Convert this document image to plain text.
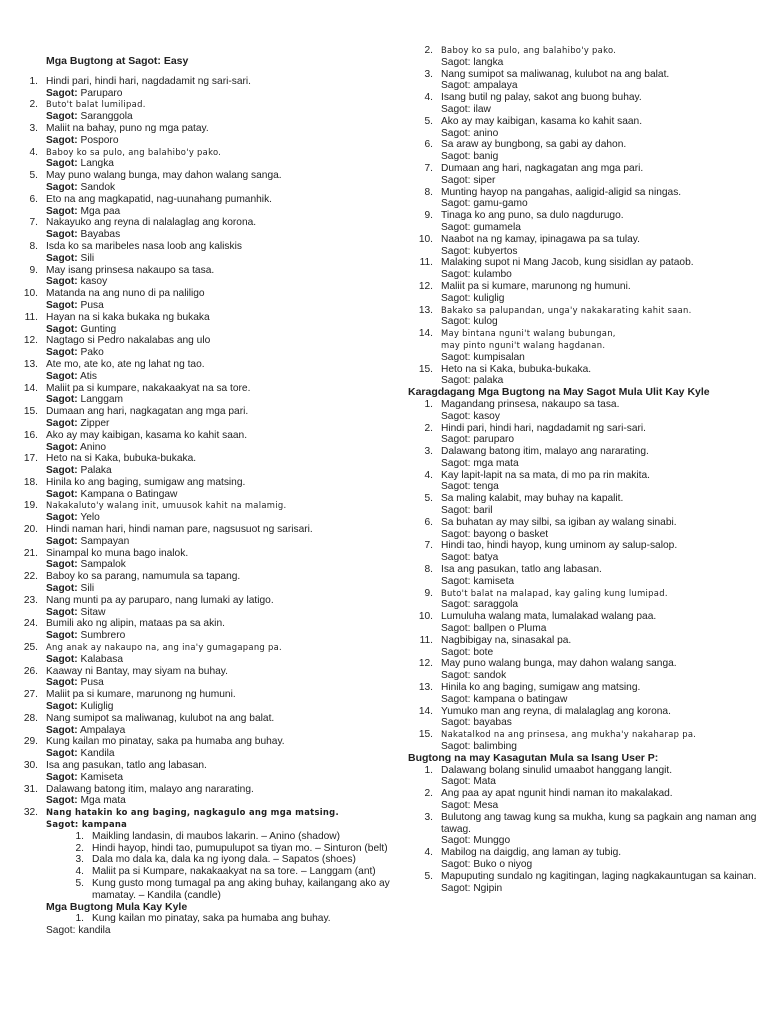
Mga Bugtong at Sagot: Easy
1. Hindi pari, hindi hari, nagdadamit ng sari-sari.
Sagot: Paruparo
2. Buto't balat lumilipad.
Sagot: Saranggola
3. Maliit na bahay, puno ng mga patay.
Sagot: Posporo
4. Baboy ko sa pulo, ang balahibo'y pako.
Sagot: Langka
5. May puno walang bunga, may dahon walang sanga.
Sagot: Sandok
6. Eto na ang magkapatid, nag-uunahang pumanhik.
Sagot: Mga paa
7. Nakayuko ang reyna di nalalaglag ang korona.
Sagot: Bayabas
8. Isda ko sa maribeles nasa loob ang kaliskis
Sagot: Sili
9. May isang prinsesa nakaupo sa tasa.
Sagot: kasoy
10. Matanda na ang nuno di pa naliligo
Sagot: Pusa
11. Hayan na si kaka bukaka ng bukaka
Sagot: Gunting
12. Nagtago si Pedro nakalabas ang ulo
Sagot: Pako
13. Ate mo, ate ko, ate ng lahat ng tao.
Sagot: Atis
14. Maliit pa si kumpare, nakakaakyat na sa tore.
Sagot: Langgam
15. Dumaan ang hari, nagkagatan ang mga pari.
Sagot: Zipper
16. Ako ay may kaibigan, kasama ko kahit saan.
Sagot: Anino
17. Heto na si Kaka, bubuka-bukaka.
Sagot: Palaka
18. Hinila ko ang baging, sumigaw ang matsing.
Sagot: Kampana o Batingaw
19. Nakakaluto'y walang init, umuusok kahit na malamig.
Sagot: Yelo
20. Hindi naman hari, hindi naman pare, nagsusuot ng sarisari.
Sagot: Sampayan
21. Sinampal ko muna bago inalok.
Sagot: Sampalok
22. Baboy ko sa parang, namumula sa tapang.
Sagot: Sili
23. Nang munti pa ay paruparo, nang lumaki ay latigo.
Sagot: Sitaw
24. Bumili ako ng alipin, mataas pa sa akin.
Sagot: Sumbrero
25. Ang anak ay nakaupo na, ang ina'y gumagapang pa.
Sagot: Kalabasa
26. Kaaway ni Bantay, may siyam na buhay.
Sagot: Pusa
27. Maliit pa si kumare, marunong ng humuni.
Sagot: Kuliglig
28. Nang sumipot sa maliwanag, kulubot na ang balat.
Sagot: Ampalaya
29. Kung kailan mo pinatay, saka pa humaba ang buhay.
Sagot: Kandila
30. Isa ang pasukan, tatlo ang labasan.
Sagot: Kamiseta
31. Dalawang batong itim, malayo ang nararating.
Sagot: Mga mata
32. Nang hatakin ko ang baging, nagkagulo ang mga matsing.
Sagot: kampana
1. Maikling landasin, di maubos lakarin. – Anino (shadow)
2. Hindi hayop, hindi tao, pumupulupot sa tiyan mo. – Sinturon (belt)
3. Dala mo dala ka, dala ka ng iyong dala. – Sapatos (shoes)
4. Maliit pa si Kumpare, nakakaakyat na sa tore. – Langgam (ant)
5. Kung gusto mong tumagal pa ang aking buhay, kailangang ako ay mamatay. – Kandila (candle)
Mga Bugtong Mula Kay Kyle
1. Kung kailan mo pinatay, saka pa humaba ang buhay.
Sagot: kandila
2. Baboy ko sa pulo, ang balahibo'y pako.
Sagot: langka
3. Nang sumipot sa maliwanag, kulubot na ang balat.
Sagot: ampalaya
4. Isang butil ng palay, sakot ang buong buhay.
Sagot: ilaw
5. Ako ay may kaibigan, kasama ko kahit saan.
Sagot: anino
6. Sa araw ay bungbong, sa gabi ay dahon.
Sagot: banig
7. Dumaan ang hari, nagkagatan ang mga pari.
Sagot: siper
8. Munting hayop na pangahas, aaligid-aligid sa ningas.
Sagot: gamu-gamo
9. Tinaga ko ang puno, sa dulo nagdurugo.
Sagot: gumamela
10. Naabot na ng kamay, ipinagawa pa sa tulay.
Sagot: kubyertos
11. Malaking supot ni Mang Jacob, kung sisidlan ay pataob.
Sagot: kulambo
12. Maliit pa si kumare, marunong ng humuni.
Sagot: kuliglig
13. Bakako sa palupandan, unga'y nakakarating kahit saan.
Sagot: kulog
14. May bintana nguni't walang bubungan,
may pinto nguni't walang hagdanan.
Sagot: kumpisalan
15. Heto na si Kaka, bubuka-bukaka.
Sagot: palaka
Karagdagang Mga Bugtong na May Sagot Mula Ulit Kay Kyle
1. Magandang prinsesa, nakaupo sa tasa.
Sagot: kasoy
2. Hindi pari, hindi hari, nagdadamit ng sari-sari.
Sagot: paruparo
3. Dalawang batong itim, malayo ang nararating.
Sagot: mga mata
4. Kay lapit-lapit na sa mata, di mo pa rin makita.
Sagot: tenga
5. Sa maling kalabit, may buhay na kapalit.
Sagot: baril
6. Sa buhatan ay may silbi, sa igiban ay walang sinabi.
Sagot: bayong o basket
7. Hindi tao, hindi hayop, kung uminom ay salup-salop.
Sagot: batya
8. Isa ang pasukan, tatlo ang labasan.
Sagot: kamiseta
9. Buto't balat na malapad, kay galing kung lumipad.
Sagot: saraggola
10. Lumuluha walang mata, lumalakad walang paa.
Sagot: ballpen o Pluma
11. Nagbibigay na, sinasakal pa.
Sagot: bote
12. May puno walang bunga, may dahon walang sanga.
Sagot: sandok
13. Hinila ko ang baging, sumigaw ang matsing.
Sagot: kampana o batingaw
14. Yumuko man ang reyna, di malalaglag ang korona.
Sagot: bayabas
15. Nakatalkod na ang prinsesa, ang mukha'y nakaharap pa.
Sagot: balimbing
Bugtong na may Kasagutan Mula sa Isang User P:
1. Dalawang bolang sinulid umaabot hanggang langit.
Sagot: Mata
2. Ang paa ay apat ngunit hindi naman ito makalakad.
Sagot: Mesa
3. Bulutong ang tawag kung sa mukha, kung sa pagkain ang naman ang tawag.
Sagot: Munggo
4. Mabilog na daigdig, ang laman ay tubig.
Sagot: Buko o niyog
5. Mapuputing sundalo ng kagitingan, laging nagkakauntugan sa kainan.
Sagot: Ngipin
